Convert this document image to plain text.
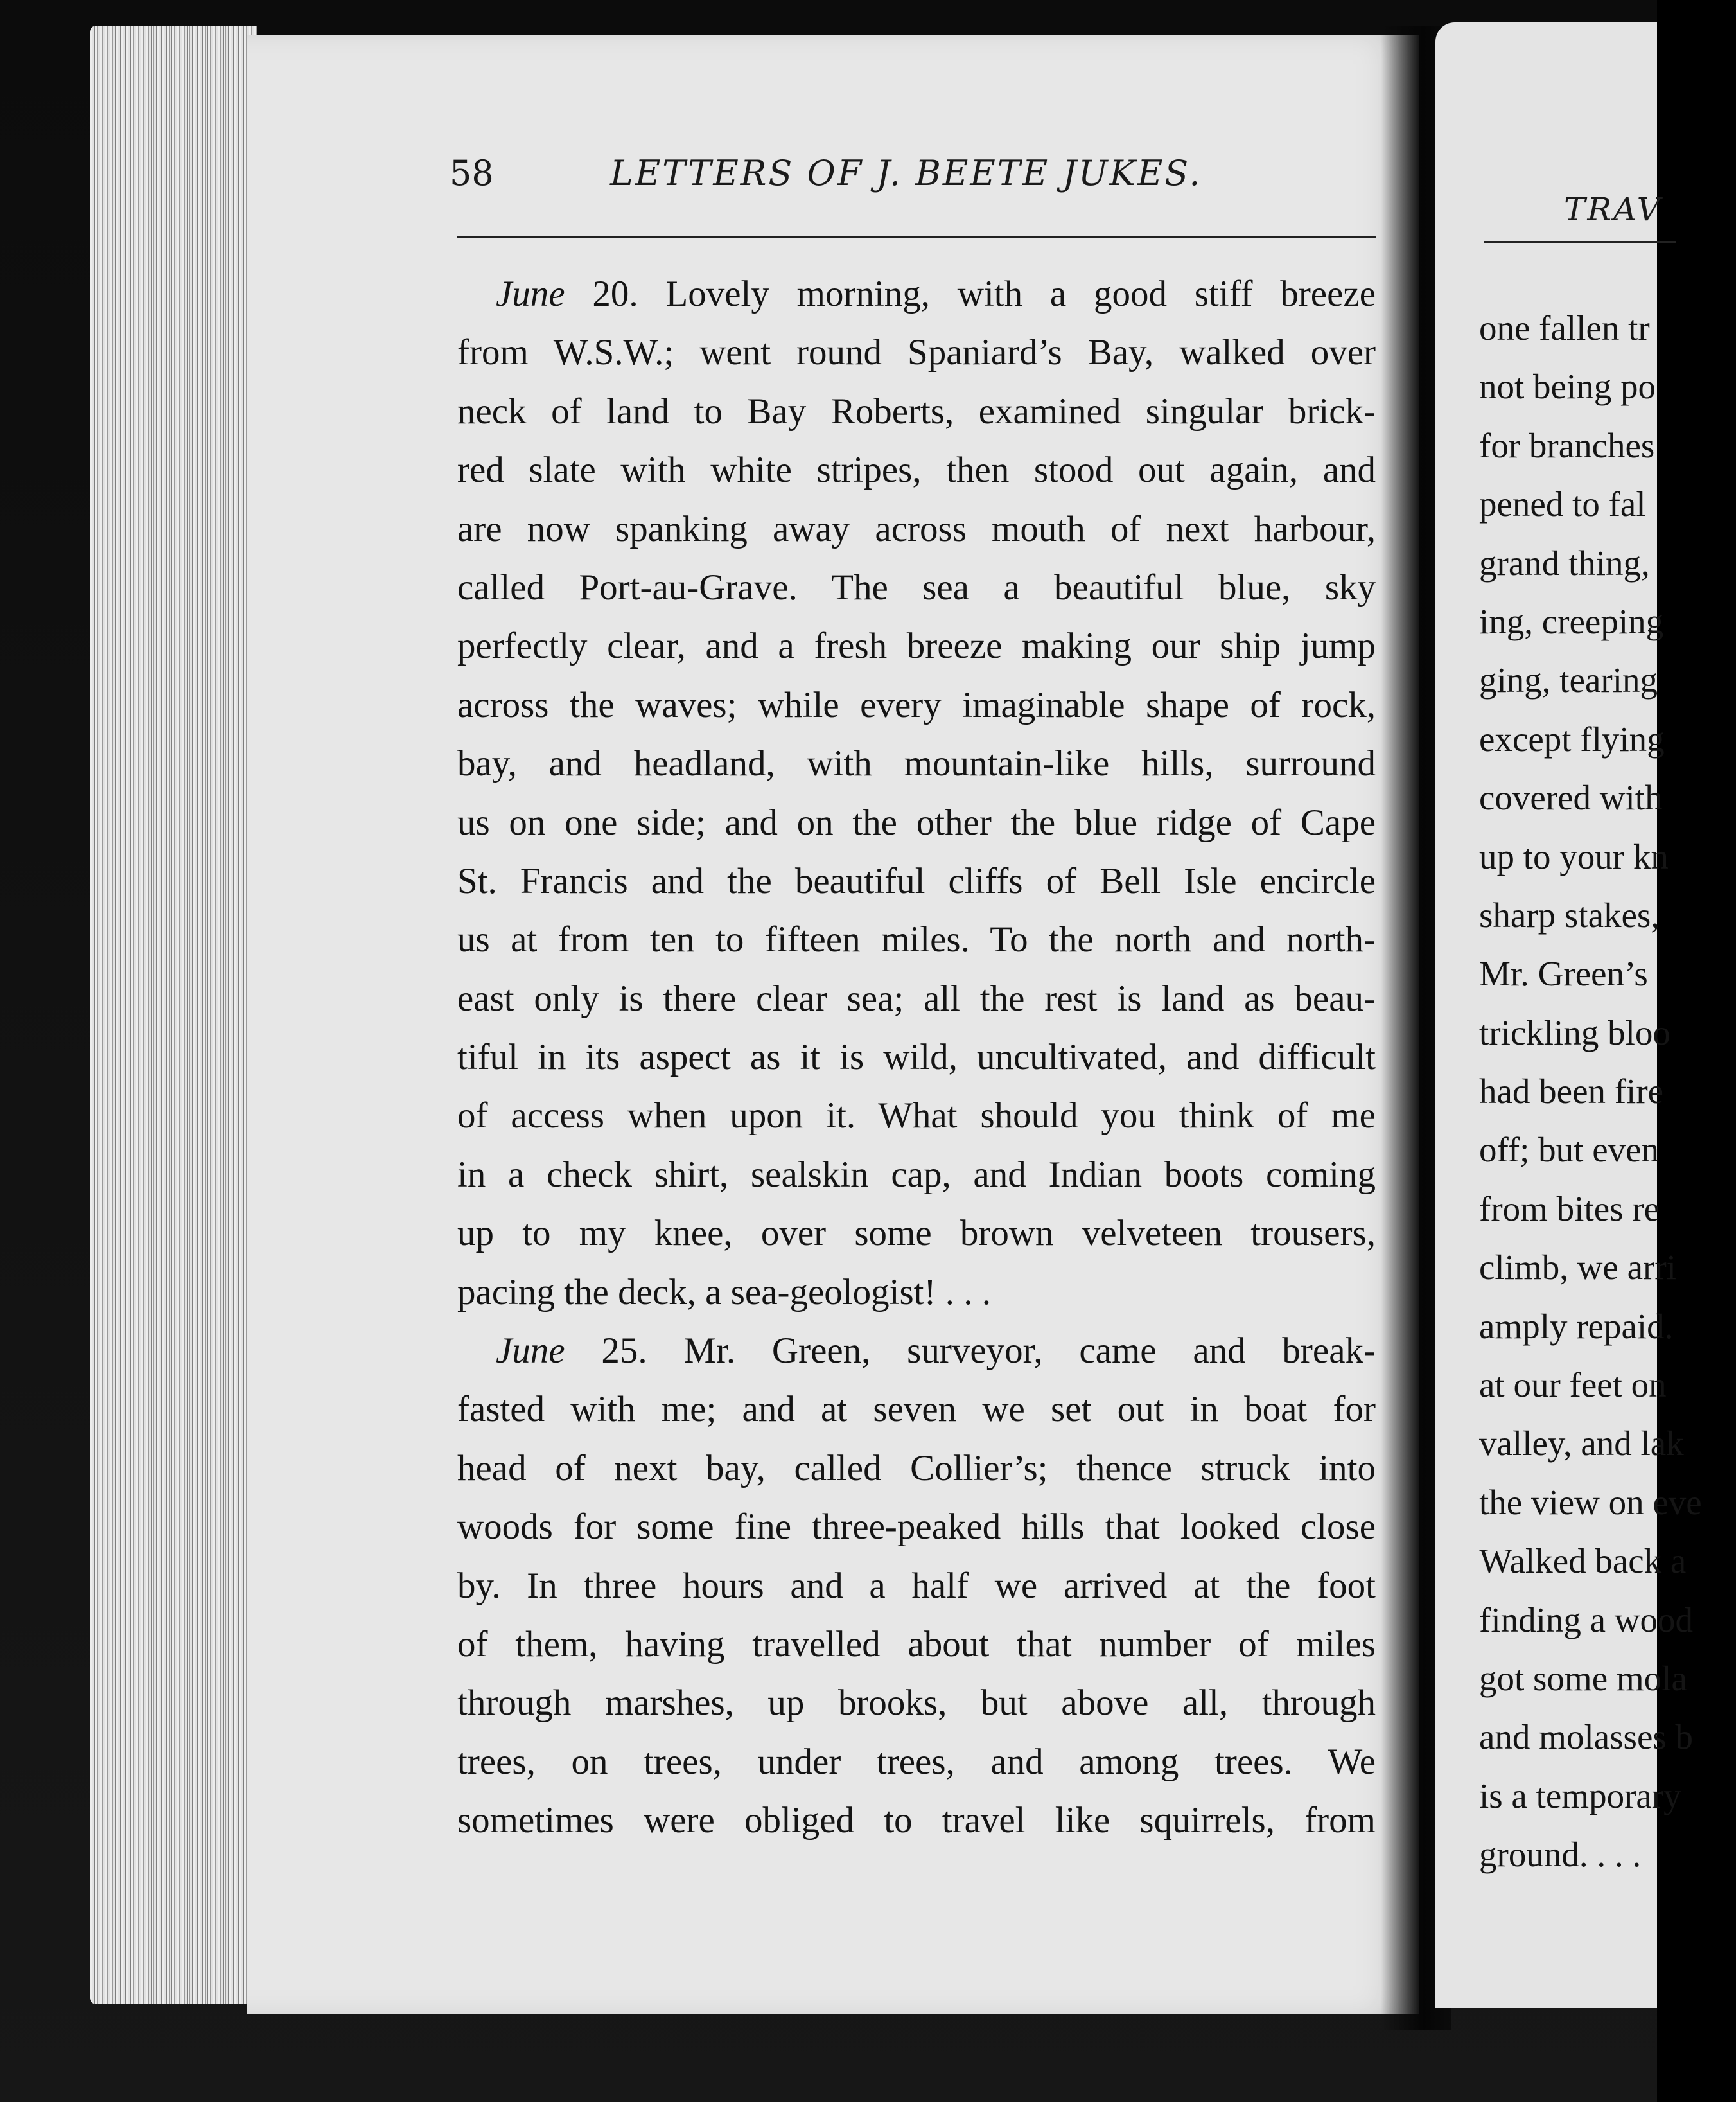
TRAV
one fallen tr
not being po
for branches
pened to fal
grand thing,
ing, creeping
ging, tearing
except flying
covered with
up to your kn
sharp stakes,
Mr. Green’s
trickling bloo
had been fire
off; but even
from bites re
climb, we arri
amply repaid.
at our feet on
valley, and lak
the view on eve
Walked back a
finding a wood
got some mola
and molasses b
is a temporary
ground. . . .
58	LETTERS OF J. BEETE JUKES.
June 20. Lovely morning, with a good stiff breeze
from W.S.W.; went round Spaniard’s Bay, walked over
neck of land to Bay Roberts, examined singular brick-
red slate with white stripes, then stood out again, and
are now spanking away across mouth of next harbour,
called Port-au-Grave. The sea a beautiful blue, sky
perfectly clear, and a fresh breeze making our ship jump
across the waves; while every imaginable shape of rock,
bay, and headland, with mountain-like hills, surround
us on one side; and on the other the blue ridge of Cape
St. Francis and the beautiful cliffs of Bell Isle encircle
us at from ten to fifteen miles. To the north and north-
east only is there clear sea; all the rest is land as beau-
tiful in its aspect as it is wild, uncultivated, and difficult
of access when upon it. What should you think of me
in a check shirt, sealskin cap, and Indian boots coming
up to my knee, over some brown velveteen trousers,
pacing the deck, a sea-geologist! . . .
June 25. Mr. Green, surveyor, came and break-
fasted with me; and at seven we set out in boat for
head of next bay, called Collier’s; thence struck into
woods for some fine three-peaked hills that looked close
by. In three hours and a half we arrived at the foot
of them, having travelled about that number of miles
through marshes, up brooks, but above all, through
trees, on trees, under trees, and among trees. We
sometimes were obliged to travel like squirrels, from
